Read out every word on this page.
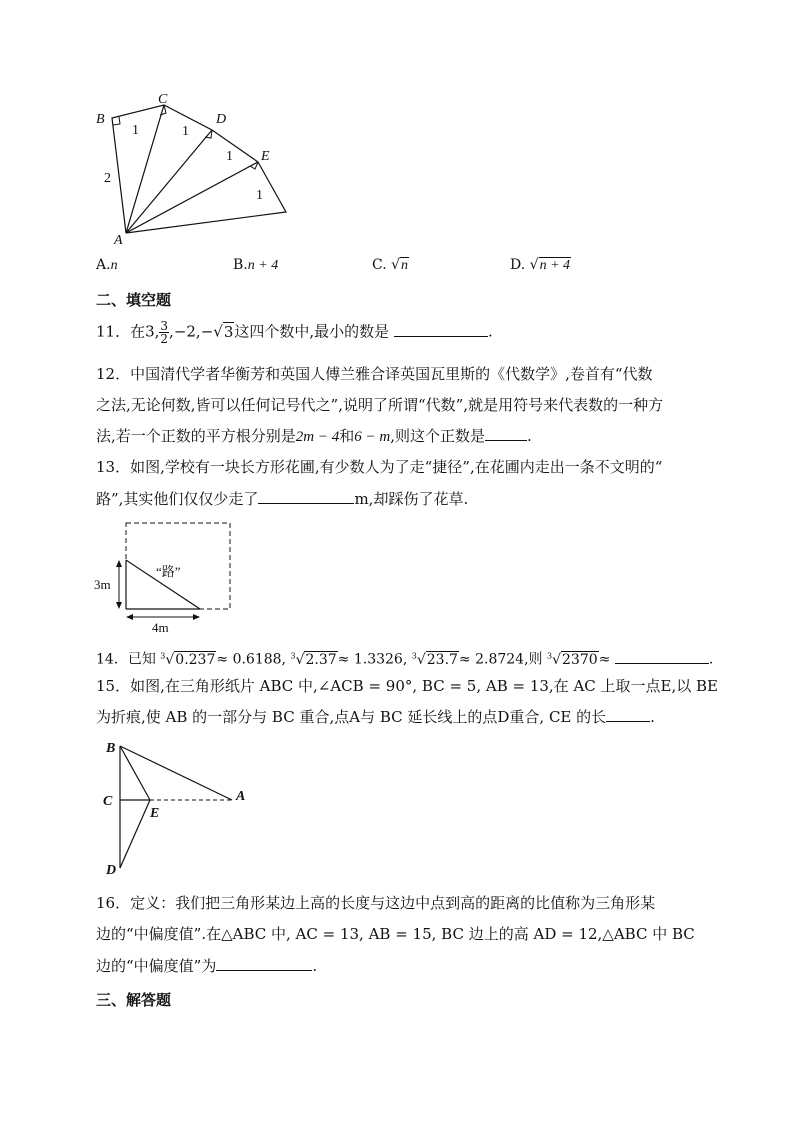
B
C
D
E
A
2
1	1
1
1
A.n	B.n + 4	C. √n	D. √n + 4
二、填空题
11．在3, $\frac{3}{2} ,-2,-√3$这四个数中,最小的数是	.
12．中国清代学者华衡芳和英国人傅兰雅合译英国瓦里斯的《代数学》,卷首有“代数
之法,无论何数,皆可以任何记号代之”,说明了所谓“代数”,就是用符号来代表数的一种方
法,若一个正数的平方根分别是2m − 4和6 − m,则这个正数是	.
13．如图,学校有一块长方形花圃,有少数人为了走“捷径”,在花圃内走出一条不文明的“
路”,其实他们仅仅少走了	m,却踩伤了花草.
“路”
3m
4m
14．已知 $^3$√0.237≈ 0.6188, $^3$√2.37≈ 1.3326, $^3$√23.7≈ 2.8724,则 $^3$√2370≈	.
15．如图,在三角形纸片 ABC 中,∠ACB = 90°, BC = 5, AB = 13,在 AC 上取一点E,以 BE
为折痕,使 AB 的一部分与 BC 重合,点A与 BC 延长线上的点D重合, CE 的长	.
B
C
E
A
D
16．定义：我们把三角形某边上高的长度与这边中点到高的距离的比值称为三角形某
边的“中偏度值”.在△ABC 中, AC = 13, AB = 15, BC 边上的高 AD = 12,△ABC 中 BC
边的“中偏度值”为	.
三、解答题
